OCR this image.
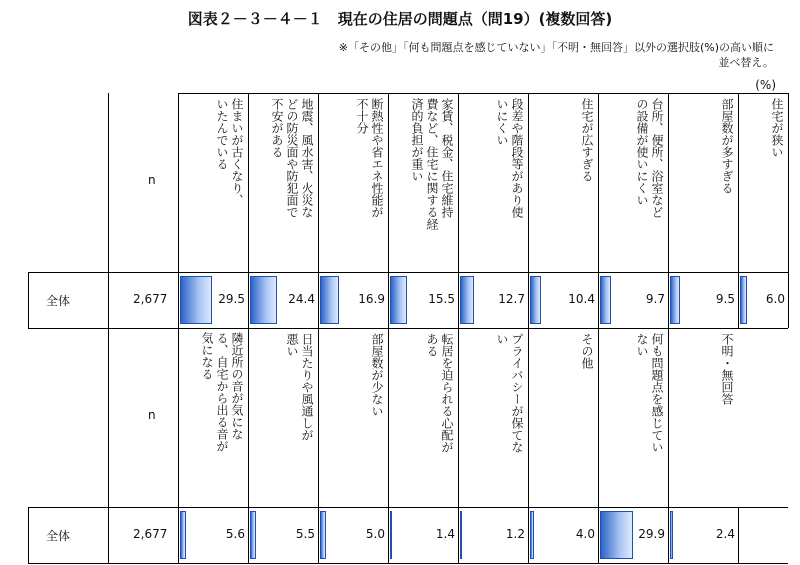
図表２－３－４－１　現在の住居の問題点（問19）(複数回答)
※「その他」「何も問題点を感じていない」「不明・無回答」以外の選択肢(%)の高い順に並べ替え。
(%)
住まいが古くなり、
いたんでいる	地震、風水害、火災な
どの防災面や防犯面で
不安がある	断熱性や省エネ性能が
不十分	家賃、税金、住宅維持
費など、住宅に関する経
済的負担が重い	段差や階段等があり使
いにくい	住宅が広すぎる	台所、便所、浴室など
の設備が使いにくい	部屋数が多すぎる	住宅が狭い
n
全体	2,677	29.5	24.4	16.9	15.5	12.7	10.4	9.7	9.5	6.0
隣近所の音が気にな
る、自宅から出る音が
気になる	日当たりや風通しが
悪い	部屋数が少ない	転居を迫られる心配が
ある	プライバシーが保てな
い	その他	何も問題点を感じてい
ない	不明・無回答
n
全体	2,677	5.6	5.5	5.0	1.4	1.2	4.0	29.9	2.4
